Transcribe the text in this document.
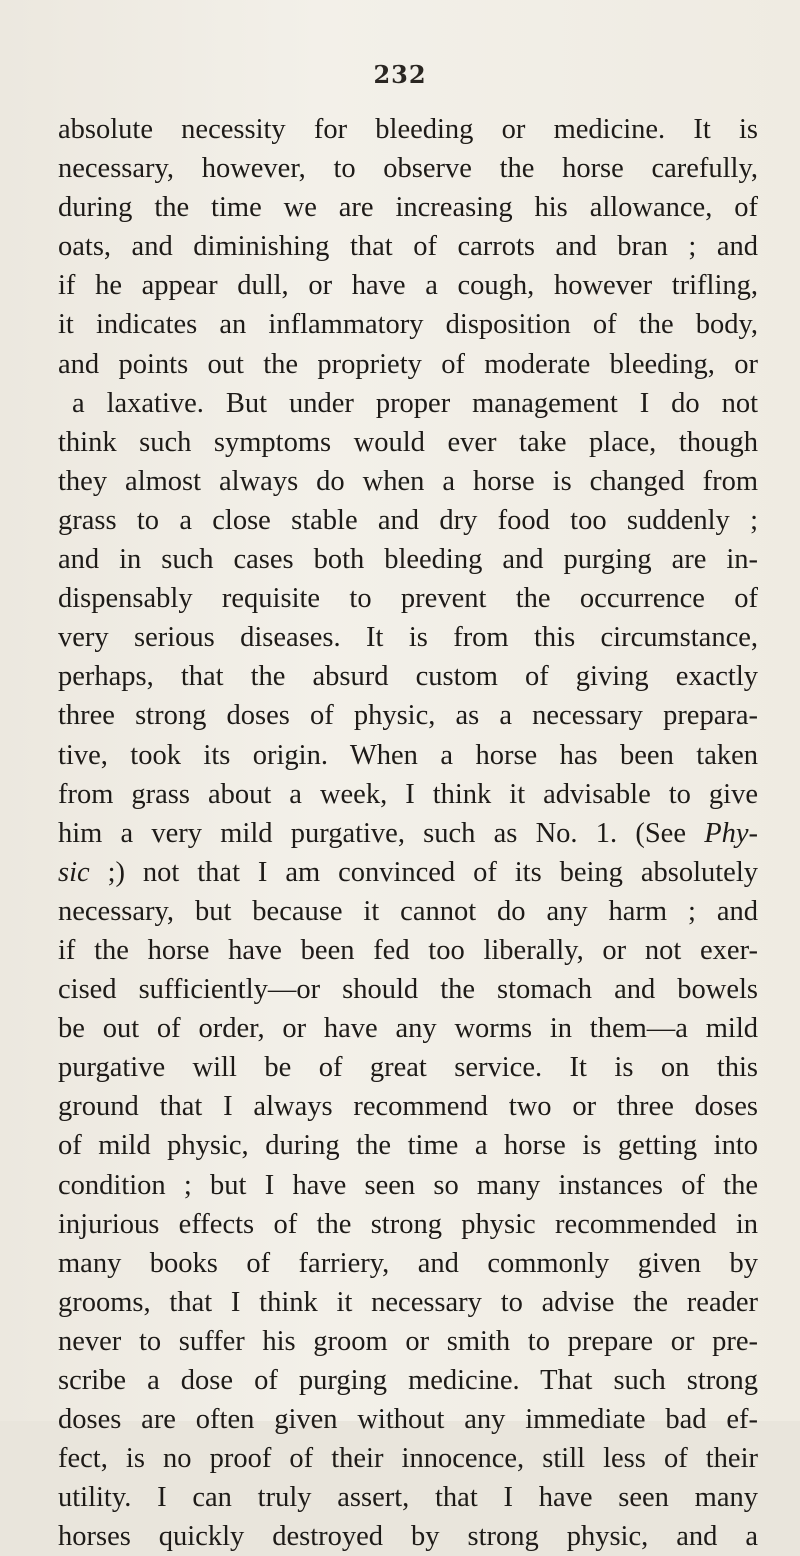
232
absolute necessity for bleeding or medicine. It is
necessary, however, to observe the horse carefully,
during the time we are increasing his allowance, of
oats, and diminishing that of carrots and bran ; and
if he appear dull, or have a cough, however trifling,
it indicates an inflammatory disposition of the body,
and points out the propriety of moderate bleeding, or
a laxative. But under proper management I do not
think such symptoms would ever take place, though
they almost always do when a horse is changed from
grass to a close stable and dry food too suddenly ;
and in such cases both bleeding and purging are in-
dispensably requisite to prevent the occurrence of
very serious diseases. It is from this circumstance,
perhaps, that the absurd custom of giving exactly
three strong doses of physic, as a necessary prepara-
tive, took its origin. When a horse has been taken
from grass about a week, I think it advisable to give
him a very mild purgative, such as No. 1. (See Phy-
sic ;) not that I am convinced of its being absolutely
necessary, but because it cannot do any harm ; and
if the horse have been fed too liberally, or not exer-
cised sufficiently—or should the stomach and bowels
be out of order, or have any worms in them—a mild
purgative will be of great service. It is on this
ground that I always recommend two or three doses
of mild physic, during the time a horse is getting into
condition ; but I have seen so many instances of the
injurious effects of the strong physic recommended in
many books of farriery, and commonly given by
grooms, that I think it necessary to advise the reader
never to suffer his groom or smith to prepare or pre-
scribe a dose of purging medicine. That such strong
doses are often given without any immediate bad ef-
fect, is no proof of their innocence, still less of their
utility. I can truly assert, that I have seen many
horses quickly destroyed by strong physic, and a
